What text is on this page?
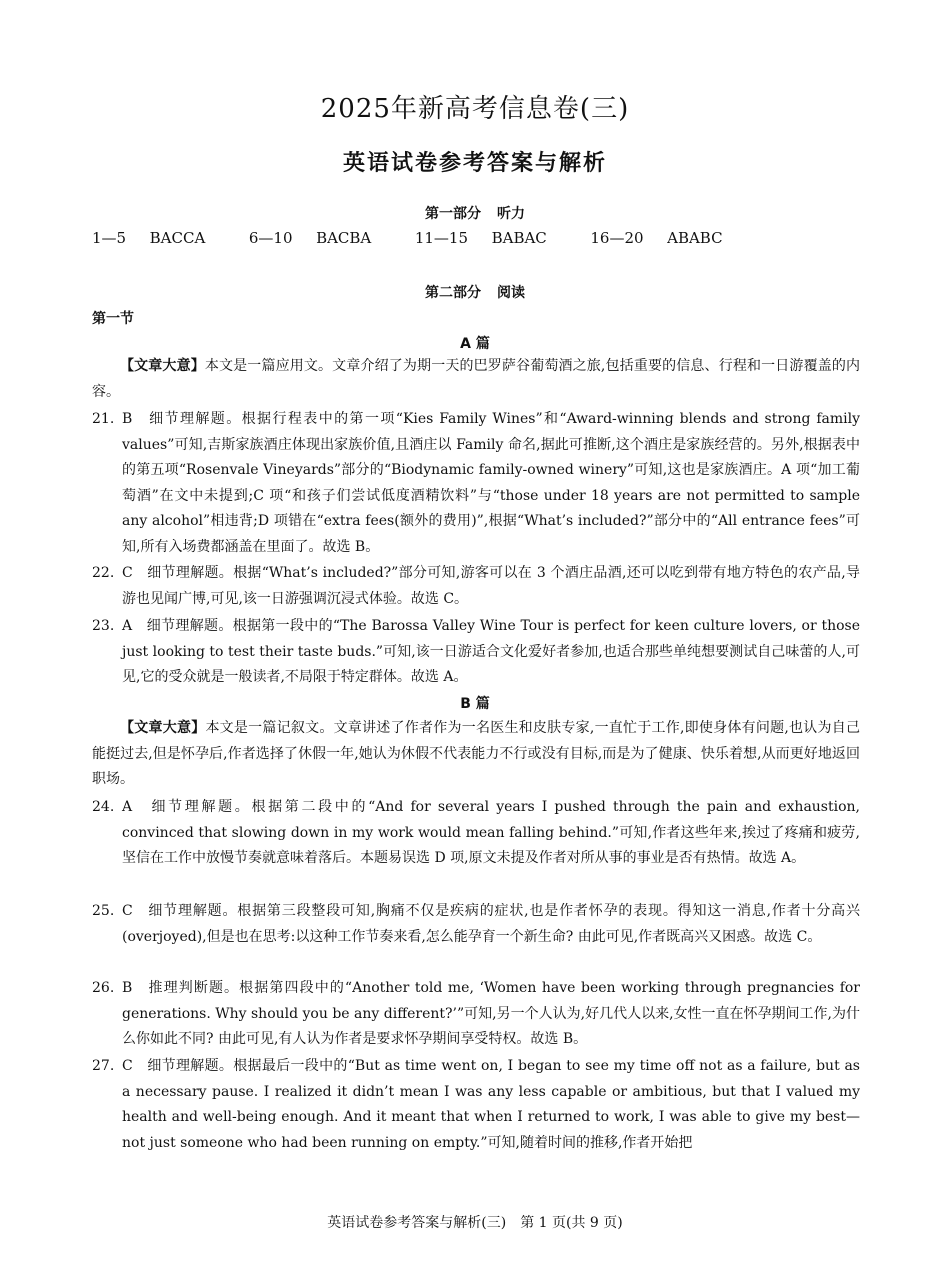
2025年新高考信息卷(三)
英语试卷参考答案与解析
第一部分 听力
1—5 BACCA	6—10 BACBA	11—15 BABAC	16—20 ABABC
第二部分 阅读
第一节
A 篇
【文章大意】本文是一篇应用文。文章介绍了为期一天的巴罗萨谷葡萄酒之旅,包括重要的信息、行程和一日游覆盖的内容。
21. B　细节理解题。根据行程表中的第一项“Kies Family Wines”和“Award-winning blends and strong family values”可知,吉斯家族酒庄体现出家族价值,且酒庄以 Family 命名,据此可推断,这个酒庄是家族经营的。另外,根据表中的第五项“Rosenvale Vineyards”部分的“Biodynamic family-owned winery”可知,这也是家族酒庄。A 项“加工葡萄酒”在文中未提到;C 项“和孩子们尝试低度酒精饮料”与“those under 18 years are not permitted to sample any alcohol”相违背;D 项错在“extra fees(额外的费用)”,根据“What’s included?”部分中的“All entrance fees”可知,所有入场费都涵盖在里面了。故选 B。
22. C　细节理解题。根据“What’s included?”部分可知,游客可以在 3 个酒庄品酒,还可以吃到带有地方特色的农产品,导游也见闻广博,可见,该一日游强调沉浸式体验。故选 C。
23. A　细节理解题。根据第一段中的“The Barossa Valley Wine Tour is perfect for keen culture lovers, or those just looking to test their taste buds.”可知,该一日游适合文化爱好者参加,也适合那些单纯想要测试自己味蕾的人,可见,它的受众就是一般读者,不局限于特定群体。故选 A。
B 篇
【文章大意】本文是一篇记叙文。文章讲述了作者作为一名医生和皮肤专家,一直忙于工作,即使身体有问题,也认为自己能挺过去,但是怀孕后,作者选择了休假一年,她认为休假不代表能力不行或没有目标,而是为了健康、快乐着想,从而更好地返回职场。
24. A　细节理解题。根据第二段中的“And for several years I pushed through the pain and exhaustion, convinced that slowing down in my work would mean falling behind.”可知,作者这些年来,挨过了疼痛和疲劳,坚信在工作中放慢节奏就意味着落后。本题易误选 D 项,原文未提及作者对所从事的事业是否有热情。故选 A。
25. C　细节理解题。根据第三段整段可知,胸痛不仅是疾病的症状,也是作者怀孕的表现。得知这一消息,作者十分高兴(overjoyed),但是也在思考:以这种工作节奏来看,怎么能孕育一个新生命? 由此可见,作者既高兴又困惑。故选 C。
26. B　推理判断题。根据第四段中的“Another told me, ‘Women have been working through pregnancies for generations. Why should you be any different?’”可知,另一个人认为,好几代人以来,女性一直在怀孕期间工作,为什么你如此不同? 由此可见,有人认为作者是要求怀孕期间享受特权。故选 B。
27. C　细节理解题。根据最后一段中的“But as time went on, I began to see my time off not as a failure, but as a necessary pause. I realized it didn’t mean I was any less capable or ambitious, but that I valued my health and well-being enough. And it meant that when I returned to work, I was able to give my best—not just someone who had been running on empty.”可知,随着时间的推移,作者开始把
英语试卷参考答案与解析(三)　第 1 页(共 9 页)
